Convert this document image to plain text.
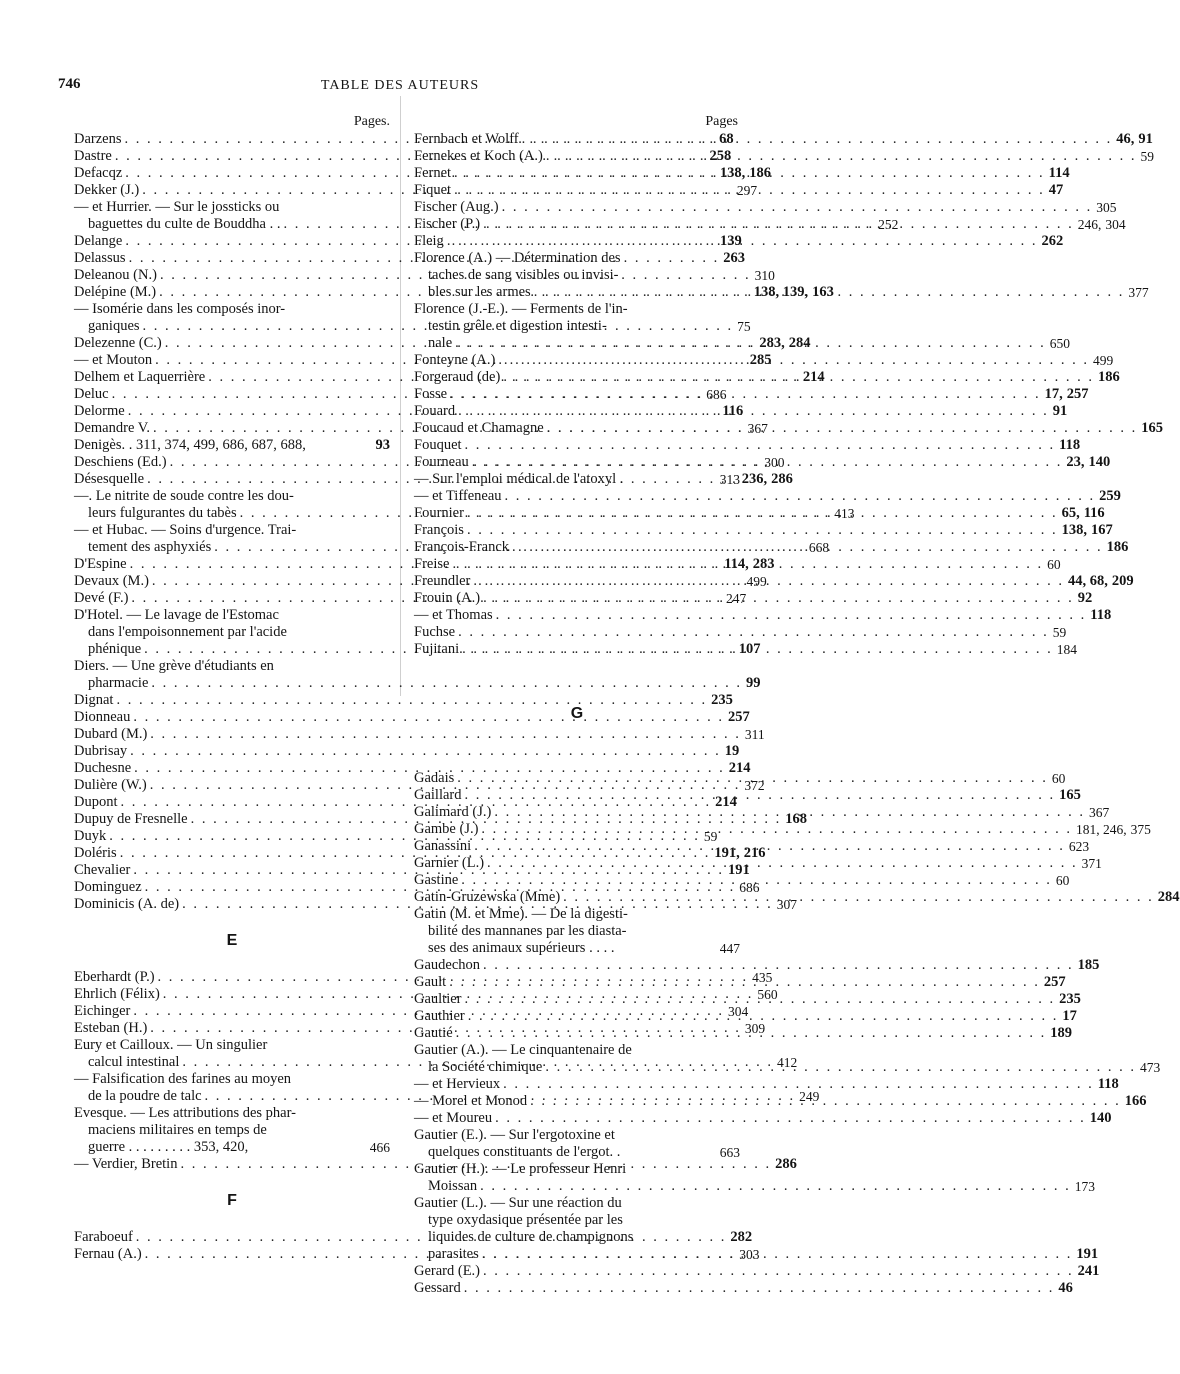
746	TABLE DES AUTEURS
Pages.
Darzens . . .	68
Dastre . . .	258
Defacqz . . .	138, 186
Dekker (J.) . . .	297
— et Hurrier. — Sur le jossticks ou
baguettes du culte de Bouddha . . . . .	252
Delange . . .	139
Delassus . . .	263
Deleanou (N.) . . .	310
Delépine (M.) . . .	138, 139, 163
— Isomérie dans les composés inor-
ganiques . . .	75
Delezenne (C.) . . .	283, 284
— et Mouton . . .	285
Delhem et Laquerrière . . .	214
Deluc . . .	686
Delorme . . .	116
Demandre V. . . .	367
Denigès. . 311, 374, 499, 686, 687, 688,	93
Deschiens (Ed.) . . .	300
Désesquelle . . .	236, 286
—. Le nitrite de soude contre les dou-
leurs fulgurantes du tabès . . .	413
— et Hubac. — Soins d'urgence. Trai-
tement des asphyxiés . . .	668
D'Espine . . .	114, 283
Devaux (M.) . . .	499
Devé (F.) . . .	247
D'Hotel. — Le lavage de l'Estomac
dans l'empoisonnement par l'acide
phénique . . .	107
Diers. — Une grève d'étudiants en
pharmacie . . .	99
Dignat . . .	235
Dionneau . . .	257
Dubard (M.) . . .	311
Dubrisay . . .	19
Duchesne . . .	214
Dulière (W.) . . .	372
Dupont . . .	214
Dupuy de Fresnelle . . .	168
Duyk . . .	59
Doléris . . .	191, 216
Chevalier . . .	191
Dominguez . . .	686
Dominicis (A. de) . . .	307
E
Eberhardt (P.) . . .	435
Ehrlich (Félix) . . .	560
Eichinger . . .	304
Esteban (H.) . . .	309
Eury et Cailloux. — Un singulier
calcul intestinal . . .	412
— Falsification des farines au moyen
de la poudre de talc . . .	249
Evesque. — Les attributions des phar-
maciens militaires en temps de
guerre . . . . . . . . . 353, 420,	466
— Verdier, Bretin . . .	286
F
Faraboeuf . . .	282
Fernau (A.) . . .	303
Pages
Fernbach et Wolff . . .	46, 91
Fernekes et Koch (A.) . . .	59
Fernet . . .	114
Fiquet . . .	47
Fischer (Aug.) . . .	305
Fischer (P.) . . .	246, 304
Fleig . . .	262
Florence (A.) — Détermination des
taches de sang visibles ou invisi-
bles sur les armes . . .	377
Florence (J.-E.). — Ferments de l'in-
testin grêle et digestion intesti-
nale . . .	650
Fonteyne (A.) . . .	499
Forgeraud (de) . . .	186
Fosse . . .	17, 257
Fouard . . .	91
Foucaud et Chamagne . . .	165
Fouquet . . .	118
Fourneau . . .	23, 140
— Sur l'emploi médical de l'atoxyl .	313
— et Tiffeneau . . .	259
Fournier . . .	65, 116
François . . .	138, 167
François-Franck . . .	186
Freise . . .	60
Freundler . . .	44, 68, 209
Frouin (A.) . . .	92
— et Thomas . . .	118
Fuchse . . .	59
Fujitani . . .	184
G
Gadais . . .	60
Gaillard . . .	165
Galimard (J.) . . .	367
Gambe (J.) . . .	181, 246, 375
Ganassini . . .	623
Garnier (L.) . . .	371
Gastine . . .	60
Gatin-Gruzewska (Mme) . . .	284
Gatin (M. et Mme). — De la digesti-
bilité des mannanes par les diasta-
ses des animaux supérieurs . . . .	447
Gaudechon . . .	185
Gault . . .	257
Gaultier . . .	235
Gauthier . . .	17
Gautié . . .	189
Gautier (A.). — Le cinquantenaire de
la Société chimique . . .	473
— et Hervieux . . .	118
— Morel et Monod . . .	166
— et Moureu . . .	140
Gautier (E.). — Sur l'ergotoxine et
quelques constituants de l'ergot. .	663
Gautier (H.). — Le professeur Henri
Moissan . . .	173
Gautier (L.). — Sur une réaction du
type oxydasique présentée par les
liquides de culture de champignons
parasites . . .	191
Gerard (E.) . . .	241
Gessard . . .	46
